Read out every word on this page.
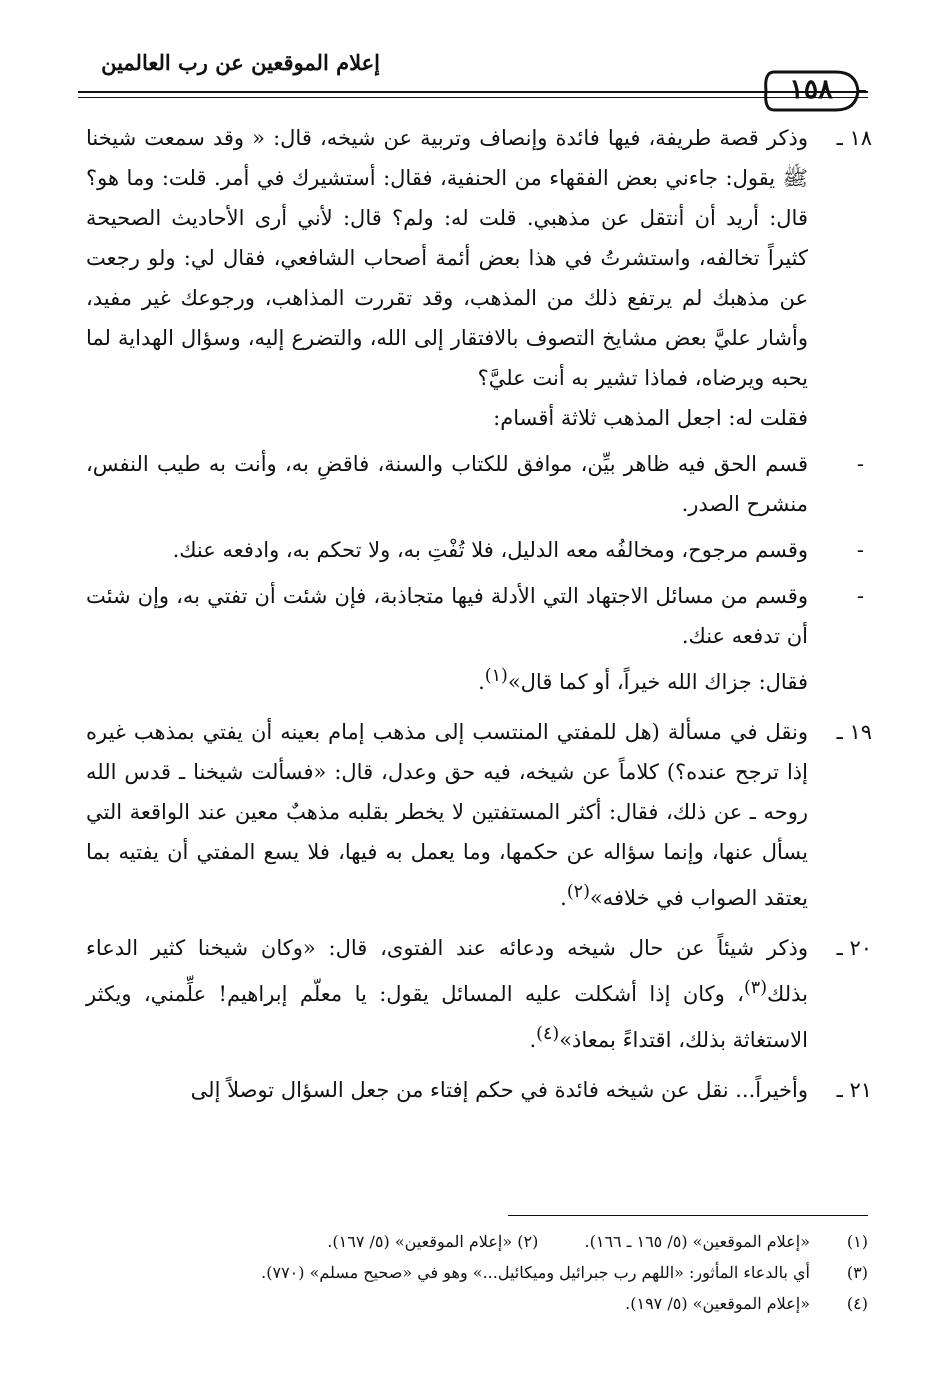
إعلام الموقعين عن رب العالمين
١٥٨
١٨ ـ
وذكر قصة طريفة، فيها فائدة وإنصاف وتربية عن شيخه، قال: « وقد سمعت شيخنا ﷺ يقول: جاءني بعض الفقهاء من الحنفية، فقال: أستشيرك في أمر. قلت: وما هو؟ قال: أريد أن أنتقل عن مذهبي. قلت له: ولم؟ قال: لأني أرى الأحاديث الصحيحة كثيراً تخالفه، واستشرتُ في هذا بعض أئمة أصحاب الشافعي، فقال لي: ولو رجعت عن مذهبك لم يرتفع ذلك من المذهب، وقد تقررت المذاهب، ورجوعك غير مفيد، وأشار عليَّ بعض مشايخ التصوف بالافتقار إلى الله، والتضرع إليه، وسؤال الهداية لما يحبه ويرضاه، فماذا تشير به أنت عليَّ؟
فقلت له: اجعل المذهب ثلاثة أقسام:
-
قسم الحق فيه ظاهر بيِّن، موافق للكتاب والسنة، فاقضِ به، وأنت به طيب النفس، منشرح الصدر.
-
وقسم مرجوح، ومخالفُه معه الدليل، فلا تُفْتِ به، ولا تحكم به، وادفعه عنك.
-
وقسم من مسائل الاجتهاد التي الأدلة فيها متجاذبة، فإن شئت أن تفتي به، وإن شئت أن تدفعه عنك.
فقال: جزاك الله خيراً، أو كما قال»$^{(١)}$.
١٩ ـ
ونقل في مسألة (هل للمفتي المنتسب إلى مذهب إمام بعينه أن يفتي بمذهب غيره إذا ترجح عنده؟) كلاماً عن شيخه، فيه حق وعدل، قال: «فسألت شيخنا ـ قدس الله روحه ـ عن ذلك، فقال: أكثر المستفتين لا يخطر بقلبه مذهبٌ معين عند الواقعة التي يسأل عنها، وإنما سؤاله عن حكمها، وما يعمل به فيها، فلا يسع المفتي أن يفتيه بما يعتقد الصواب في خلافه»$^{(٢)}$.
٢٠ ـ
وذكر شيئاً عن حال شيخه ودعائه عند الفتوى، قال: «وكان شيخنا كثير الدعاء بذلك$^{(٣)}$، وكان إذا أشكلت عليه المسائل يقول: يا معلّم إبراهيم! علِّمني، ويكثر الاستغاثة بذلك، اقتداءً بمعاذ»$^{(٤)}$.
٢١ ـ
وأخيراً... نقل عن شيخه فائدة في حكم إفتاء من جعل السؤال توصلاً إلى
(١)
«إعلام الموقعين» (٥/ ١٦٥ ـ ١٦٦).  (٢) «إعلام الموقعين» (٥/ ١٦٧).
(٣)
أي بالدعاء المأثور: «اللهم رب جبرائيل وميكائيل...» وهو في «صحيح مسلم» (٧٧٠).
(٤)
«إعلام الموقعين» (٥/ ١٩٧).
